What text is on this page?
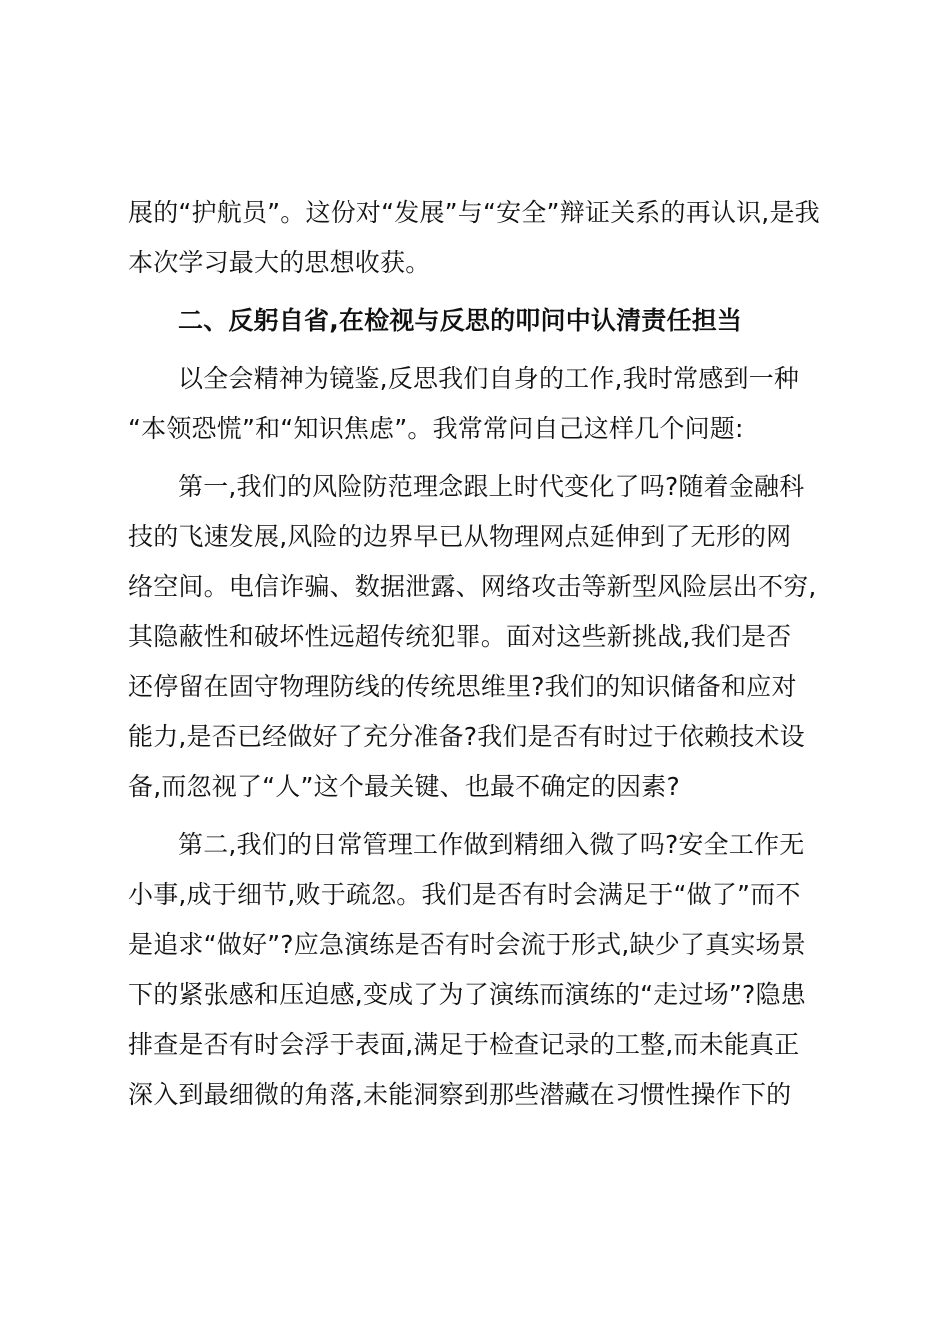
展的“护航员”。这份对“发展”与“安全”辩证关系的再认识,是我
本次学习最大的思想收获。
二、反躬自省,在检视与反思的叩问中认清责任担当
以全会精神为镜鉴,反思我们自身的工作,我时常感到一种
“本领恐慌”和“知识焦虑”。我常常问自己这样几个问题:
第一,我们的风险防范理念跟上时代变化了吗?随着金融科
技的飞速发展,风险的边界早已从物理网点延伸到了无形的网
络空间。电信诈骗、数据泄露、网络攻击等新型风险层出不穷,
其隐蔽性和破坏性远超传统犯罪。面对这些新挑战,我们是否
还停留在固守物理防线的传统思维里?我们的知识储备和应对
能力,是否已经做好了充分准备?我们是否有时过于依赖技术设
备,而忽视了“人”这个最关键、也最不确定的因素?
第二,我们的日常管理工作做到精细入微了吗?安全工作无
小事,成于细节,败于疏忽。我们是否有时会满足于“做了”而不
是追求“做好”?应急演练是否有时会流于形式,缺少了真实场景
下的紧张感和压迫感,变成了为了演练而演练的“走过场”?隐患
排查是否有时会浮于表面,满足于检查记录的工整,而未能真正
深入到最细微的角落,未能洞察到那些潜藏在习惯性操作下的
